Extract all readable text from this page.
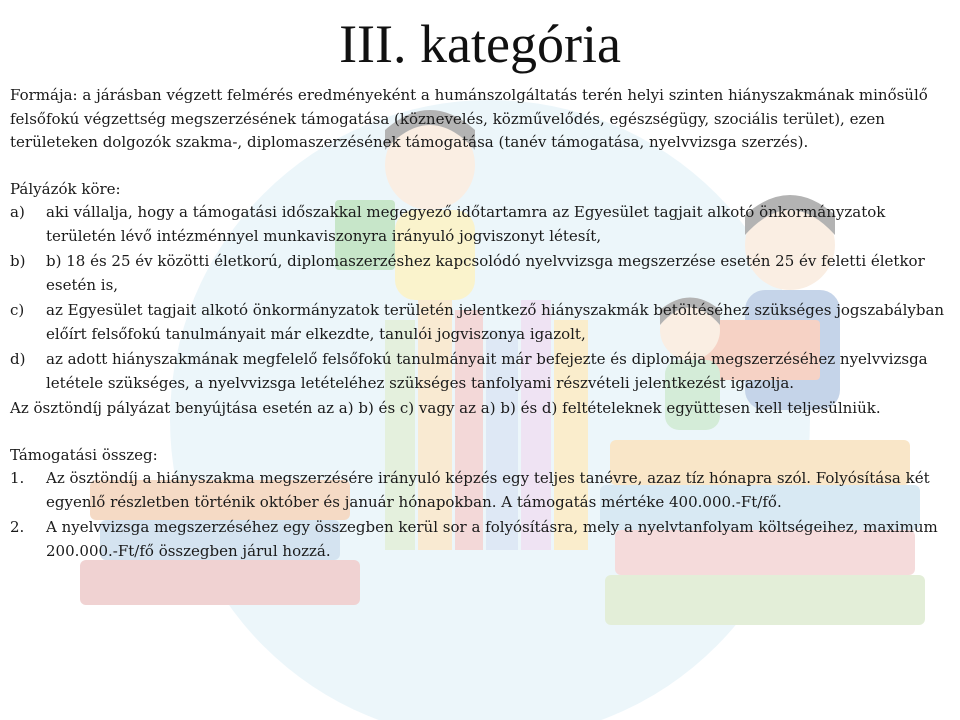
III. kategória

Formája: a járásban végzett felmérés eredményeként a humánszolgáltatás terén helyi szinten hiányszakmának minősülő felsőfokú végzettség megszerzésének támogatása (köznevelés, közművelődés, egészségügy, szociális terület), ezen területeken dolgozók szakma-, diplomaszerzésének támogatása (tanév támogatása, nyelvvizsga szerzés).

Pályázók köre:

a)	aki vállalja, hogy a támogatási időszakkal megegyező időtartamra az Egyesület tagjait alkotó önkormányzatok területén lévő intézménnyel munkaviszonyra irányuló jogviszonyt létesít,
b)	b) 18 és 25 év közötti életkorú, diplomaszerzéshez kapcsolódó nyelvvizsga megszerzése esetén 25 év feletti életkor esetén is,
c)	az Egyesület tagjait alkotó önkormányzatok területén jelentkező hiányszakmák betöltéséhez szükséges jogszabályban előírt felsőfokú tanulmányait már elkezdte, tanulói jogviszonya igazolt,
d)	az adott hiányszakmának megfelelő felsőfokú tanulmányait már befejezte és diplomája megszerzéséhez nyelvvizsga letétele szükséges, a nyelvvizsga letételéhez szükséges tanfolyami részvételi jelentkezést igazolja.

Az ösztöndíj pályázat benyújtása esetén az a) b) és c) vagy az a) b) és d) feltételeknek együttesen kell teljesülniük.

Támogatási összeg:

1.	Az ösztöndíj a hiányszakma megszerzésére irányuló képzés egy teljes tanévre, azaz tíz hónapra szól. Folyósítása két egyenlő részletben történik október és január hónapokban. A támogatás mértéke 400.000.-Ft/fő.
2.	A nyelvvizsga megszerzéséhez egy összegben kerül sor a folyósításra, mely a nyelvtanfolyam költségeihez, maximum 200.000.-Ft/fő összegben járul hozzá.
